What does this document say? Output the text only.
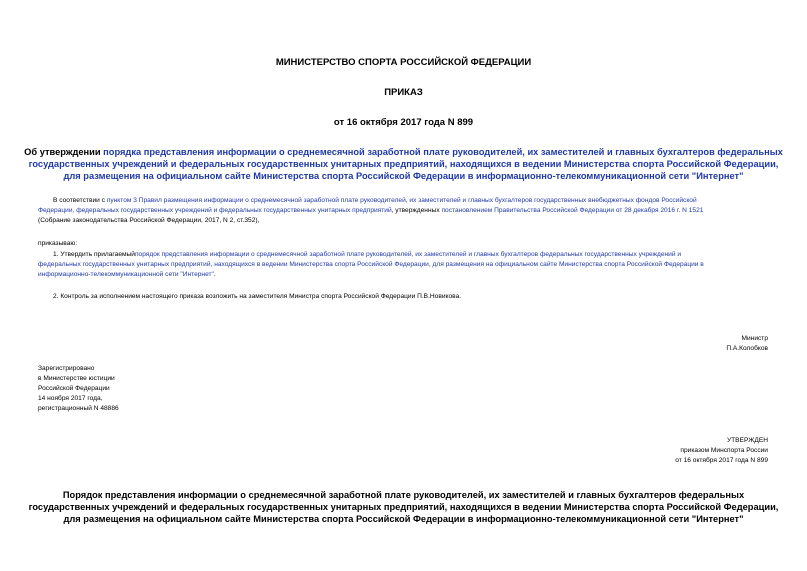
МИНИСТЕРСТВО СПОРТА РОССИЙСКОЙ ФЕДЕРАЦИИ
ПРИКАЗ
от 16 октября 2017 года N 899

Об утверждении порядка представления информации о среднемесячной заработной плате руководителей, их заместителей и главных бухгалтеров федеральных

государственных учреждений и федеральных государственных унитарных предприятий, находящихся в ведении Министерства спорта Российской Федерации,

для размещения на официальном сайте Министерства спорта Российской Федерации в информационно-телекоммуникационной сети "Интернет"

В соответствии с пунктом 3 Правил размещения информации о среднемесячной заработной плате руководителей, их заместителей и главных бухгалтеров государственных внебюджетных фондов Российской

Федерации, федеральных государственных учреждений и федеральных государственных унитарных предприятий, утвержденных постановлением Правительства Российской Федерации от 28 декабря 2016 г. N 1521

(Собрание законодательства Российской Федерации, 2017, N 2, ст.352),

приказываю:

1. Утвердить прилагаемыйпорядок представления информации о среднемесячной заработной плате руководителей, их заместителей и главных бухгалтеров федеральных государственных учреждений и

федеральных государственных унитарных предприятий, находящихся в ведении Министерства спорта Российской Федерации, для размещения на официальном сайте Министерства спорта Российской Федерации в

информационно-телекоммуникационной сети "Интернет".

2. Контроль за исполнением настоящего приказа возложить на заместителя Министра спорта Российской Федерации П.В.Новикова.
Министр
П.А.Колобков

Зарегистрировано

в Министерстве юстиции

Российской Федерации

14 ноября 2017 года,

регистрационный N 48886

УТВЕРЖДЕН

приказом Минспорта России

от 16 октября 2017 года N 899

Порядок представления информации о среднемесячной заработной плате руководителей, их заместителей и главных бухгалтеров федеральных

государственных учреждений и федеральных государственных унитарных предприятий, находящихся в ведении Министерства спорта Российской Федерации,

для размещения на официальном сайте Министерства спорта Российской Федерации в информационно-телекоммуникационной сети "Интернет"
